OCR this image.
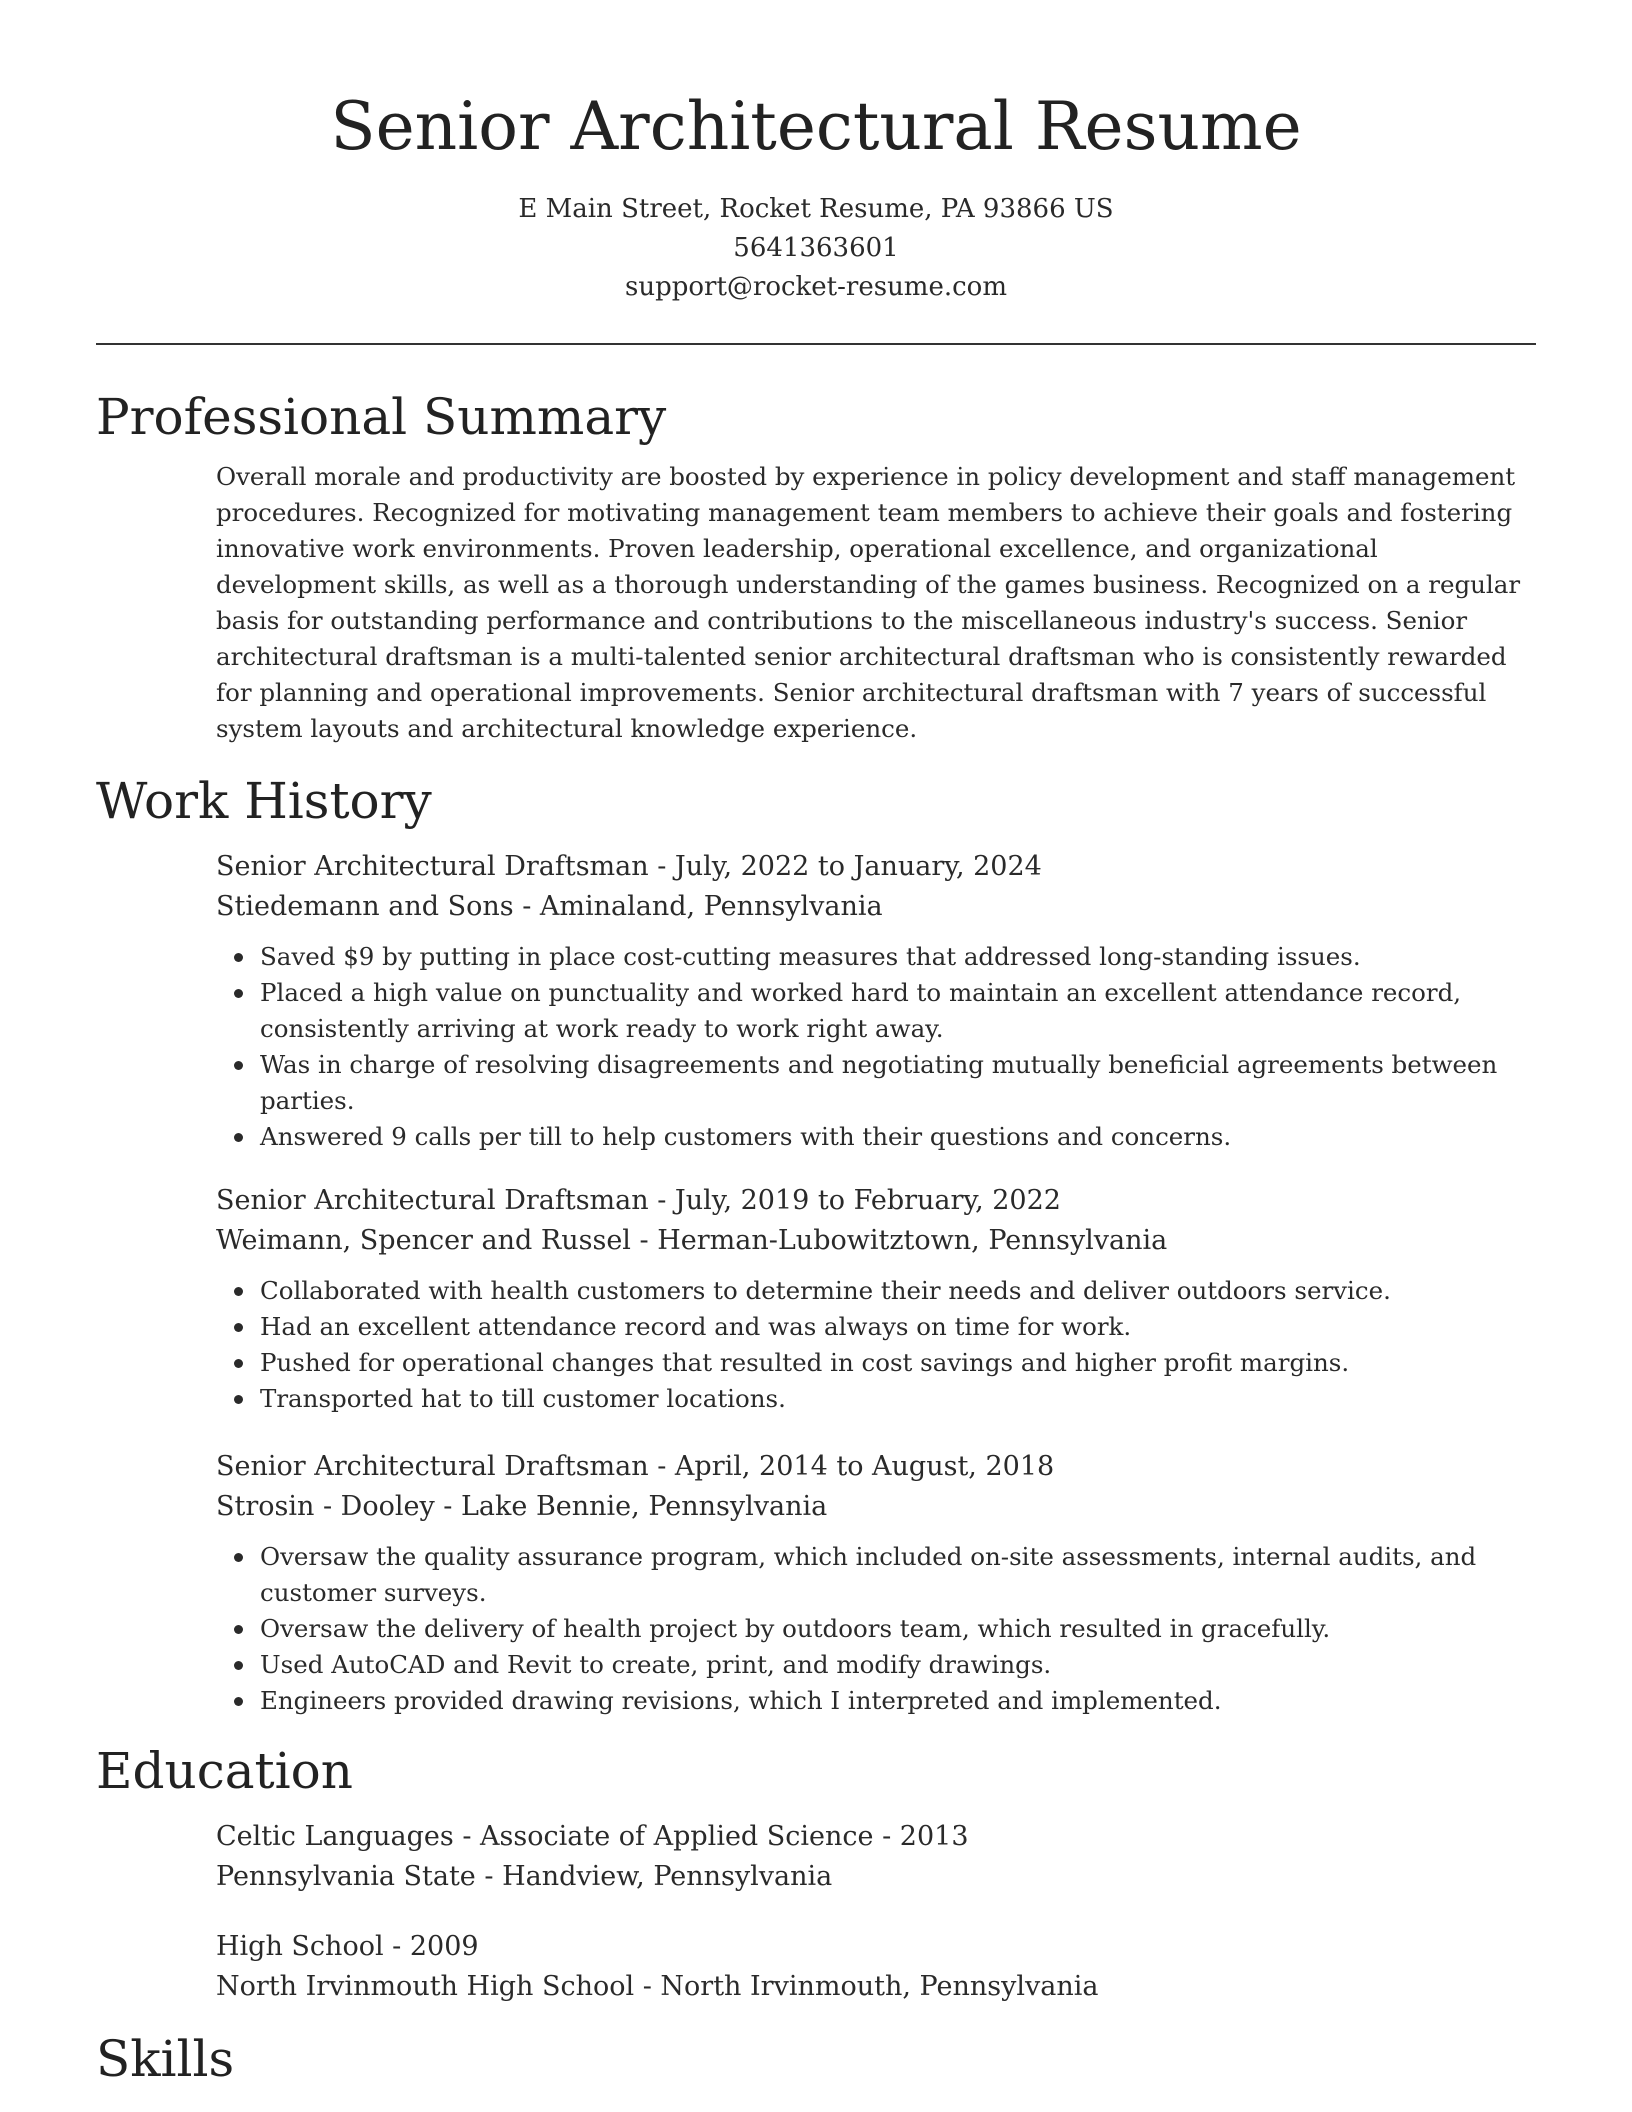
Senior Architectural Resume
E Main Street, Rocket Resume, PA 93866 US
5641363601
support@rocket-resume.com
Professional Summary

Overall morale and productivity are boosted by experience in policy development and staff management procedures. Recognized for motivating management team members to achieve their goals and fostering innovative work environments. Proven leadership, operational excellence, and organizational development skills, as well as a thorough understanding of the games business. Recognized on a regular basis for outstanding performance and contributions to the miscellaneous industry's success. Senior architectural draftsman is a multi-talented senior architectural draftsman who is consistently rewarded for planning and operational improvements. Senior architectural draftsman with 7 years of successful system layouts and architectural knowledge experience.

Work History
Senior Architectural Draftsman - July, 2022 to January, 2024
Stiedemann and Sons - Aminaland, Pennsylvania
Saved $9 by putting in place cost-cutting measures that addressed long-standing issues.
Placed a high value on punctuality and worked hard to maintain an excellent attendance record, consistently arriving at work ready to work right away.
Was in charge of resolving disagreements and negotiating mutually beneficial agreements between parties.
Answered 9 calls per till to help customers with their questions and concerns.
Senior Architectural Draftsman - July, 2019 to February, 2022
Weimann, Spencer and Russel - Herman-Lubowitztown, Pennsylvania
Collaborated with health customers to determine their needs and deliver outdoors service.
Had an excellent attendance record and was always on time for work.
Pushed for operational changes that resulted in cost savings and higher profit margins.
Transported hat to till customer locations.
Senior Architectural Draftsman - April, 2014 to August, 2018
Strosin - Dooley - Lake Bennie, Pennsylvania
Oversaw the quality assurance program, which included on-site assessments, internal audits, and customer surveys.
Oversaw the delivery of health project by outdoors team, which resulted in gracefully.
Used AutoCAD and Revit to create, print, and modify drawings.
Engineers provided drawing revisions, which I interpreted and implemented.
Education
Celtic Languages - Associate of Applied Science - 2013
Pennsylvania State - Handview, Pennsylvania
High School - 2009
North Irvinmouth High School - North Irvinmouth, Pennsylvania
Skills
